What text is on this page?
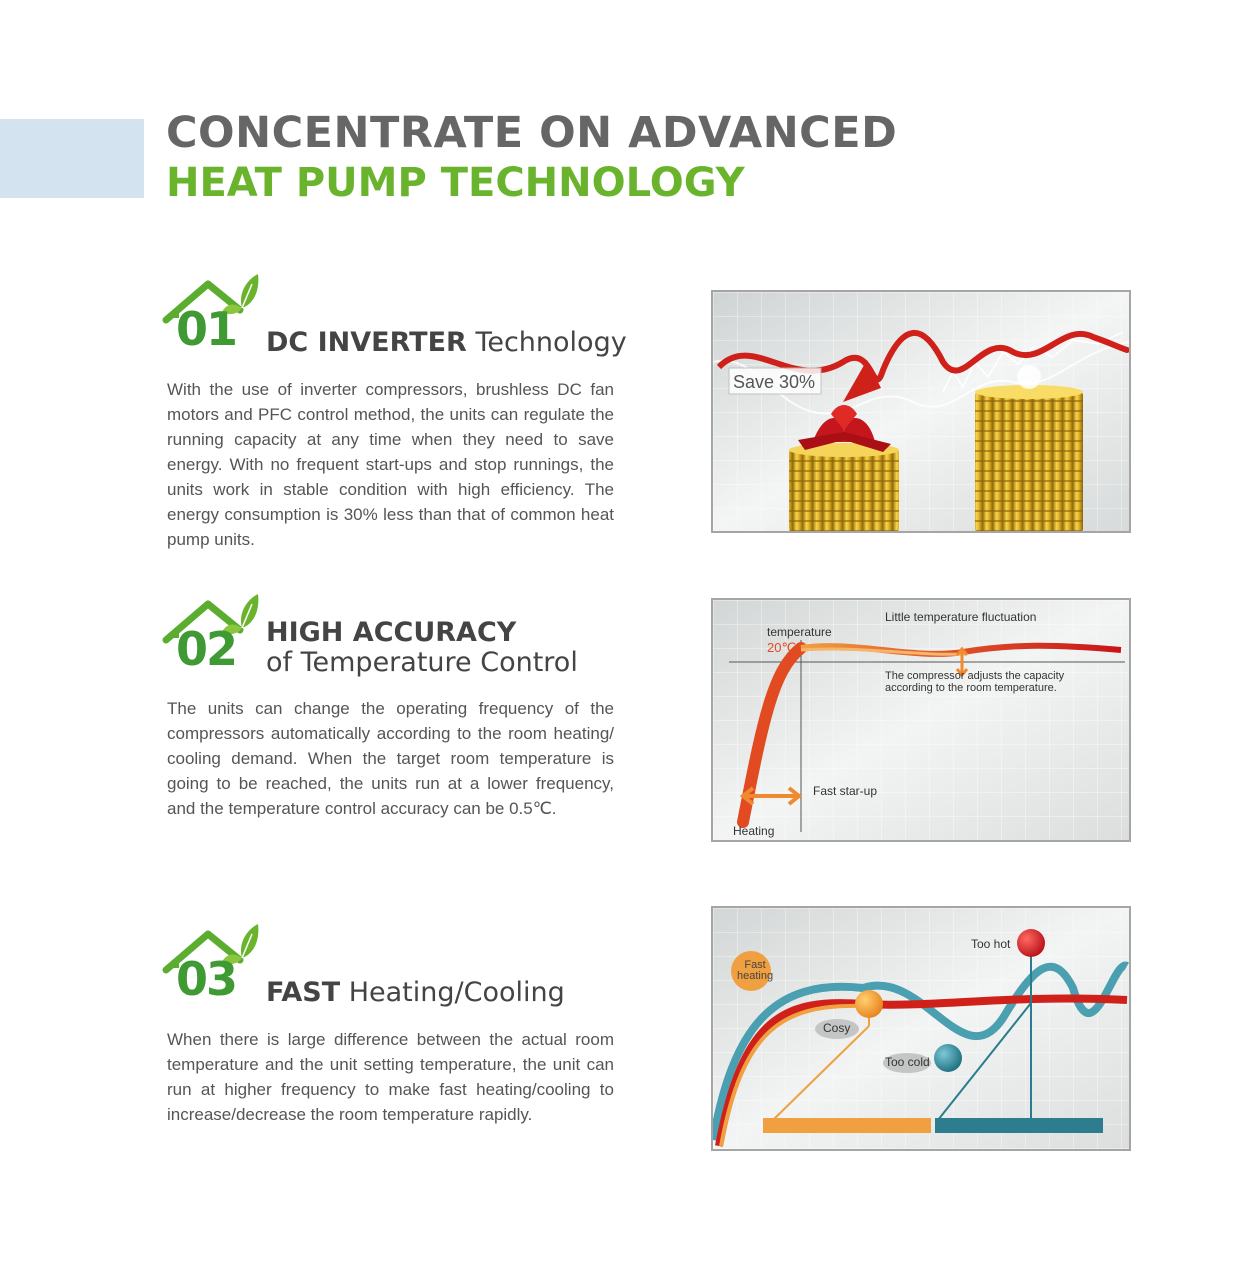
CONCENTRATE ON ADVANCED
HEAT PUMP TECHNOLOGY
01 DC INVERTER Technology

With the use of inverter compressors, brushless DC fan motors and PFC control method, the units can regulate the running capacity at any time when they need to save energy. With no frequent start-ups and stop runnings, the units work in stable condition with high efficiency. The energy consumption is 30% less than that of common heat pump units.

Save 30%
02 HIGH ACCURACY
of Temperature Control

The units can change the operating frequency of the compressors automatically according to the room heating/ cooling demand. When the target room temperature is going to be reached, the units run at a lower frequency, and the temperature control accuracy can be 0.5℃.

Little temperature fluctuation
temperature
20℃
The compressor adjusts the capacity
according to the room temperature.
Fast star-up
Heating
03 FAST Heating/Cooling

When there is large difference between the actual room temperature and the unit setting temperature, the unit can run at higher frequency to make fast heating/cooling to increase/decrease the room temperature rapidly.

Fast
heating
Too hot
Cosy
Too cold
